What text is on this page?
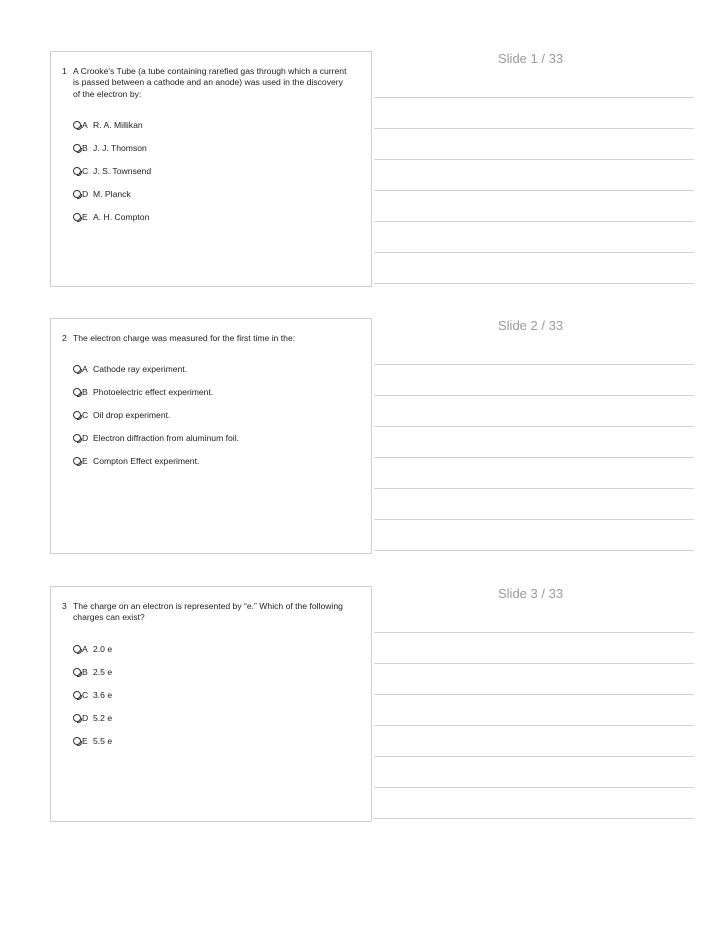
Slide 1 / 33
1 A Crooke's Tube (a tube containing rarefied gas through which a current is passed between a cathode and an anode) was used in the discovery of the electron by:
A R. A. Millikan
B J. J. Thomson
C J. S. Townsend
D M. Planck
E A. H. Compton
Slide 2 / 33
2 The electron charge was measured for the first time in the:
A Cathode ray experiment.
B Photoelectric effect experiment.
C Oil drop experiment.
D Electron diffraction from aluminum foil.
E Compton Effect experiment.
Slide 3 / 33
3 The charge on an electron is represented by “e.” Which of the following charges can exist?
A 2.0 e
B 2.5 e
C 3.6 e
D 5.2 e
E 5.5 e
